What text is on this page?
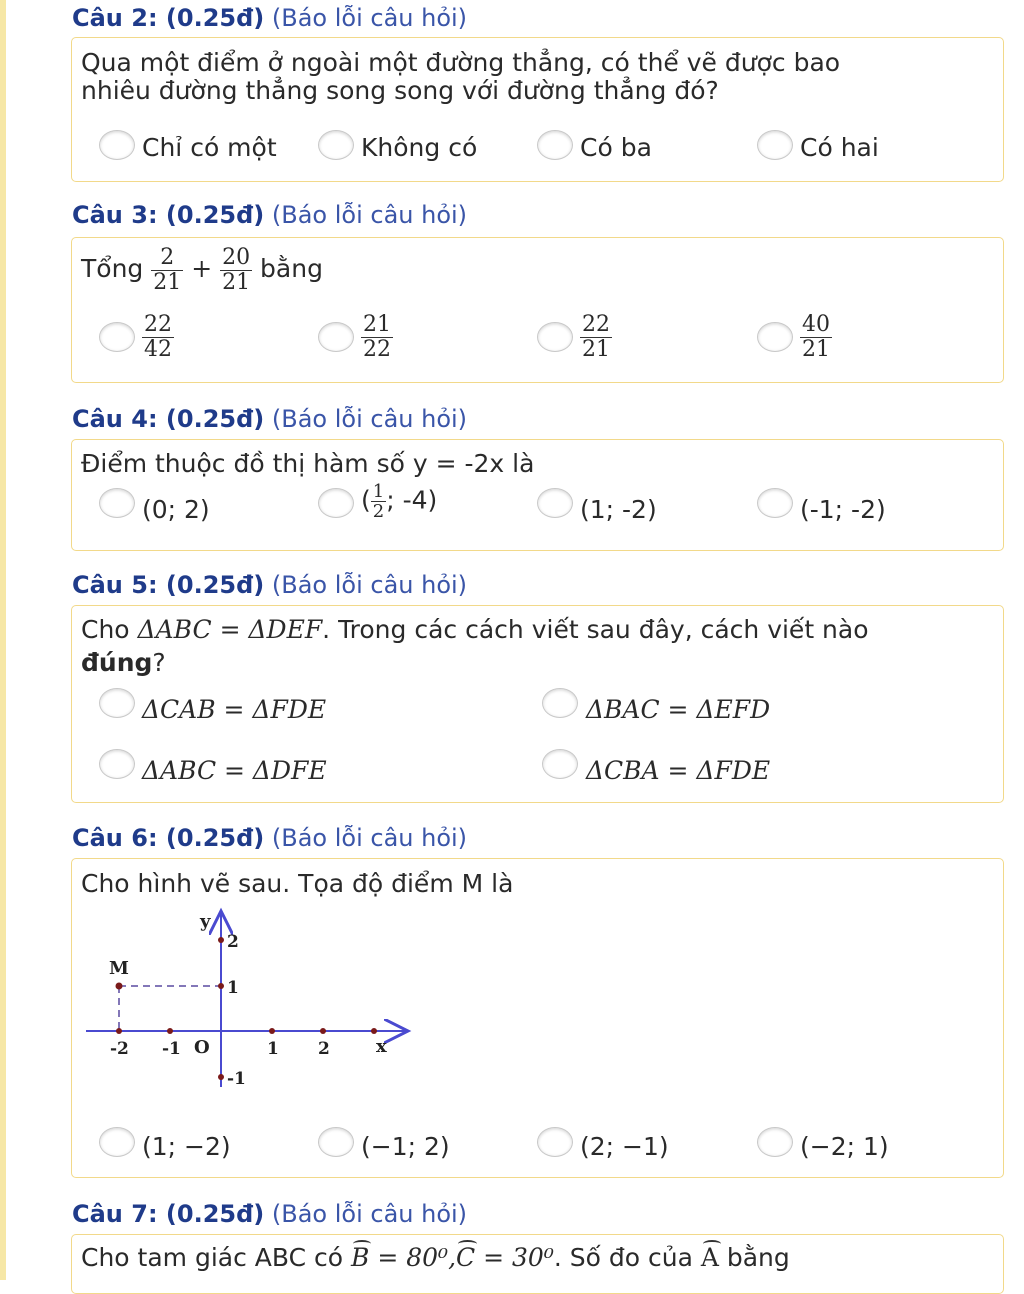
Câu 2: (0.25đ) (Báo lỗi câu hỏi)
Qua một điểm ở ngoài một đường thẳng, có thể vẽ được bao
nhiêu đường thẳng song song với đường thẳng đó?
Chỉ có một	Không có	Có ba	Có hai
Câu 3: (0.25đ) (Báo lỗi câu hỏi)
Tổng $\frac{2}{21} + \frac{20}{21}$ bằng
$\frac{22}{42}$	$\frac{21}{22}$	$\frac{22}{21}$	$\frac{40}{21}$
Câu 4: (0.25đ) (Báo lỗi câu hỏi)
Điểm thuộc đồ thị hàm số y = -2x là
(0; 2)	( $\frac{1}{2}$ ; -4)	(1; -2)	(-1; -2)
Câu 5: (0.25đ) (Báo lỗi câu hỏi)
Cho ΔABC = ΔDEF. Trong các cách viết sau đây, cách viết nào
đúng?
ΔCAB = ΔFDE	ΔBAC = ΔEFD
ΔABC = ΔDFE	ΔCBA = ΔFDE
Câu 6: (0.25đ) (Báo lỗi câu hỏi)
Cho hình vẽ sau. Tọa độ điểm M là
-2 -1	1 2
O	x
y
2
1
-1
M
(1; −2)	(−1; 2)	(2; −1)	(−2; 1)
Câu 7: (0.25đ) (Báo lỗi câu hỏi)
Cho tam giác ABC có B = 80⁰,C = 30⁰. Số đo của A bằng
